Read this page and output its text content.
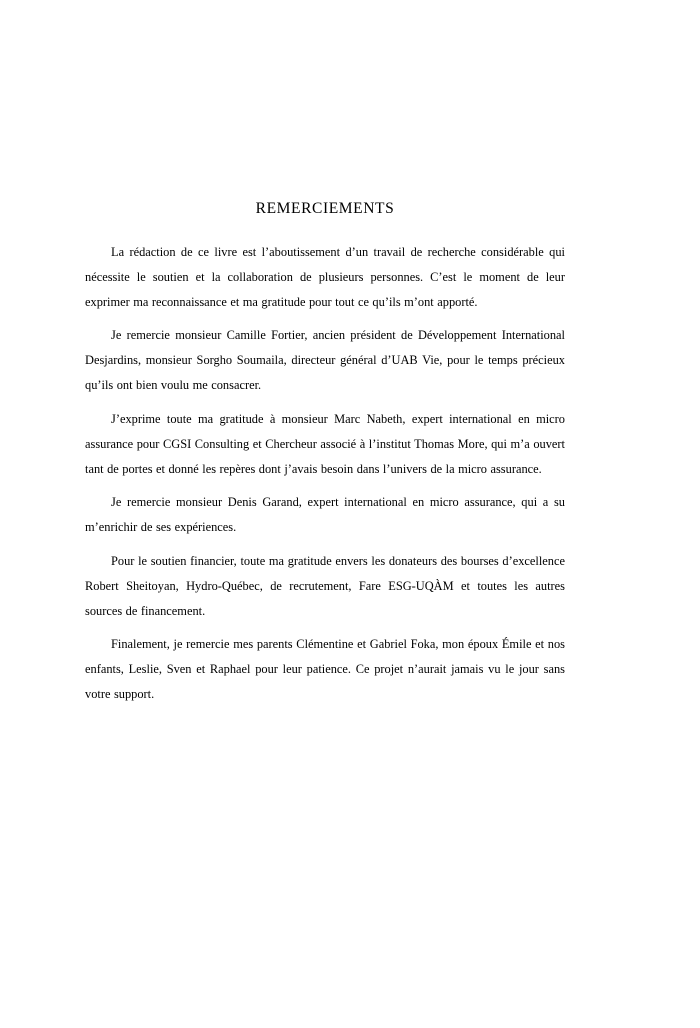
REMERCIEMENTS

La rédaction de ce livre est l’aboutissement d’un travail de recherche considérable qui nécessite le soutien et la collaboration de plusieurs personnes. C’est le moment de leur exprimer ma reconnaissance et ma gratitude pour tout ce qu’ils m’ont apporté.

Je remercie monsieur Camille Fortier, ancien président de Développement International Desjardins, monsieur Sorgho Soumaila, directeur général d’UAB Vie, pour le temps précieux qu’ils ont bien voulu me consacrer.

J’exprime toute ma gratitude à monsieur Marc Nabeth, expert international en micro assurance pour CGSI Consulting et Chercheur associé à l’institut Thomas More, qui m’a ouvert tant de portes et donné les repères dont j’avais besoin dans l’univers de la micro assurance.

Je remercie monsieur Denis Garand, expert international en micro assurance, qui a su m’enrichir de ses expériences.

Pour le soutien financier, toute ma gratitude envers les donateurs des bourses d’excellence Robert Sheitoyan, Hydro-Québec, de recrutement, Fare ESG-UQÀM et toutes les autres sources de financement.

Finalement, je remercie mes parents Clémentine et Gabriel Foka, mon époux Émile et nos enfants, Leslie, Sven et Raphael pour leur patience. Ce projet n’aurait jamais vu le jour sans votre support.
